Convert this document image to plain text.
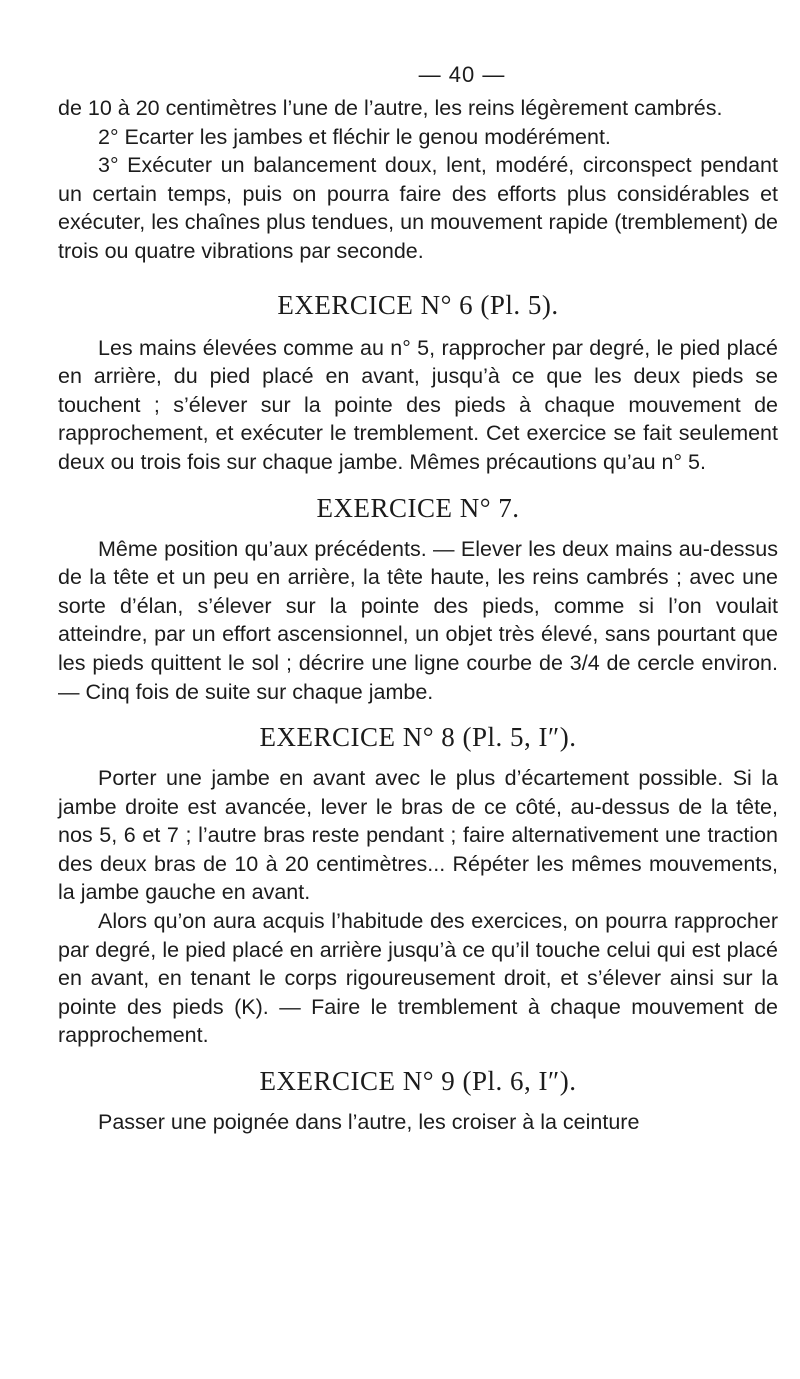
— 40 —

de 10 à 20 centimètres l’une de l’autre, les reins légèrement cambrés.

2° Ecarter les jambes et fléchir le genou modérément.

3° Exécuter un balancement doux, lent, modéré, circonspect pendant un certain temps, puis on pourra faire des efforts plus considérables et exécuter, les chaînes plus tendues, un mouvement rapide (tremblement) de trois ou quatre vibrations par seconde.

EXERCICE N° 6 (Pl. 5).

Les mains élevées comme au n° 5, rapprocher par degré, le pied placé en arrière, du pied placé en avant, jusqu’à ce que les deux pieds se touchent ; s’élever sur la pointe des pieds à chaque mouvement de rapprochement, et exécuter le tremblement. Cet exercice se fait seulement deux ou trois fois sur chaque jambe. Mêmes précautions qu’au n° 5.

EXERCICE N° 7.

Même position qu’aux précédents. — Elever les deux mains au-dessus de la tête et un peu en arrière, la tête haute, les reins cambrés ; avec une sorte d’élan, s’élever sur la pointe des pieds, comme si l’on voulait atteindre, par un effort ascensionnel, un objet très élevé, sans pourtant que les pieds quittent le sol ; décrire une ligne courbe de 3/4 de cercle environ.— Cinq fois de suite sur chaque jambe.

EXERCICE N° 8 (Pl. 5, I″).

Porter une jambe en avant avec le plus d’écartement possible. Si la jambe droite est avancée, lever le bras de ce côté, au-dessus de la tête, nos 5, 6 et 7 ; l’autre bras reste pendant ; faire alternativement une traction des deux bras de 10 à 20 centimètres... Répéter les mêmes mouvements, la jambe gauche en avant.

Alors qu’on aura acquis l’habitude des exercices, on pourra rapprocher par degré, le pied placé en arrière jusqu’à ce qu’il touche celui qui est placé en avant, en tenant le corps rigoureusement droit, et s’élever ainsi sur la pointe des pieds (K). — Faire le tremblement à chaque mouvement de rapprochement.

EXERCICE N° 9 (Pl. 6, I″).

Passer une poignée dans l’autre, les croiser à la ceinture
